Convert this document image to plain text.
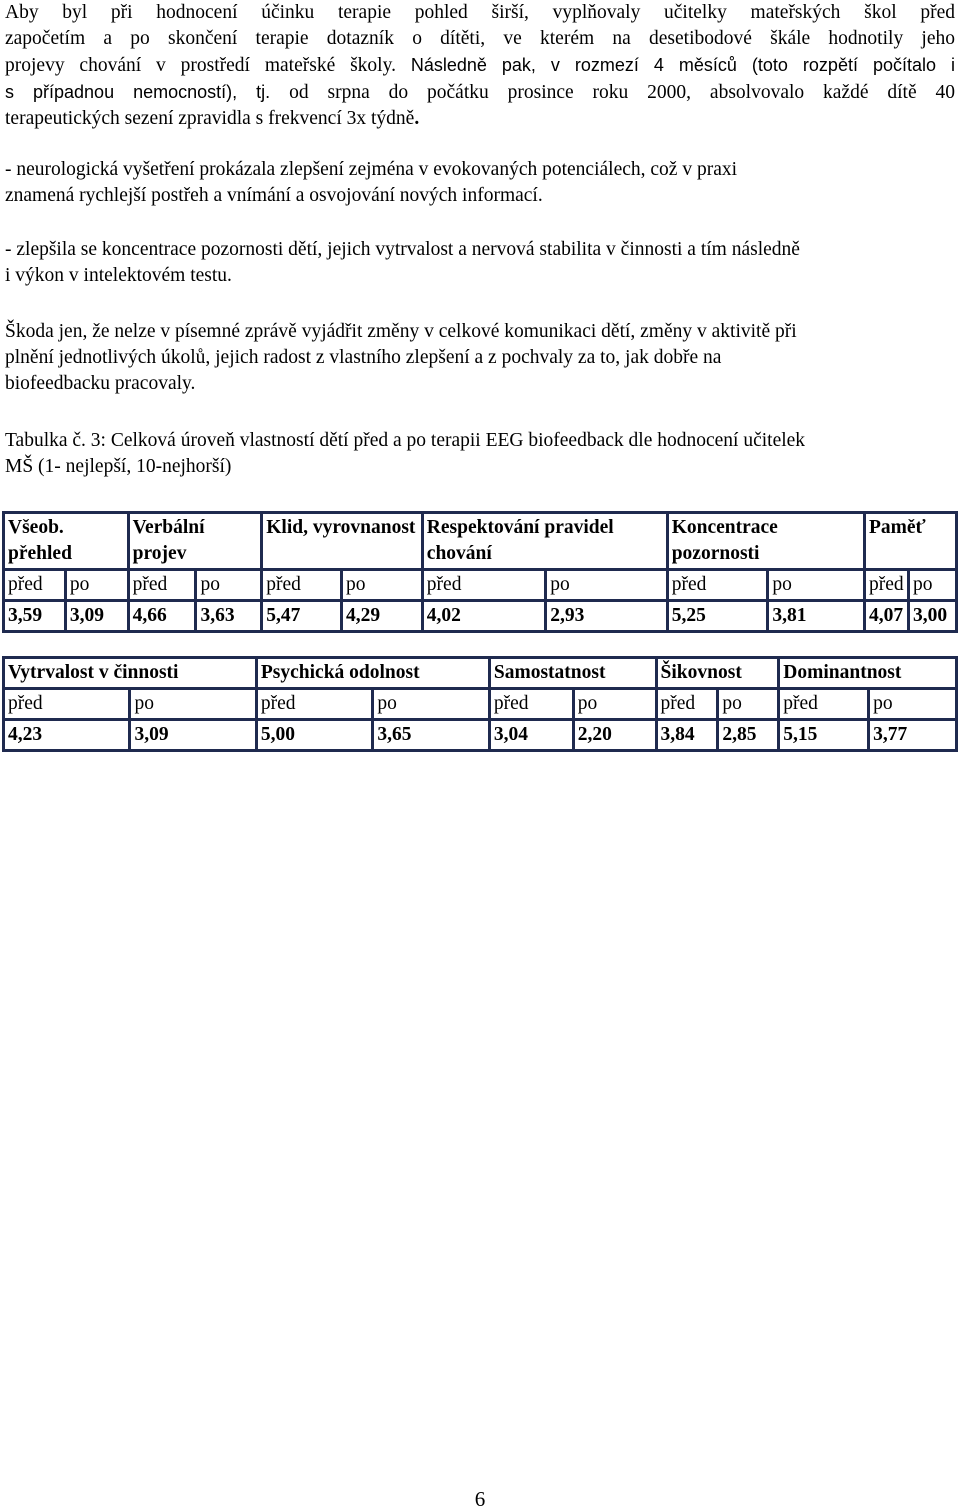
Aby byl při hodnocení účinku terapie pohled širší, vyplňovaly učitelky mateřských škol před
započetím a po skončení terapie dotazník o dítěti, ve kterém na desetibodové škále hodnotily jeho
projevy chování v prostředí mateřské školy. Následně pak, v rozmezí 4 měsíců (toto rozpětí počítalo i
s případnou nemocností), tj. od srpna do počátku prosince roku 2000, absolvovalo každé dítě 40
terapeutických sezení zpravidla s frekvencí 3x týdně.
- neurologická vyšetření prokázala zlepšení zejména v evokovaných potenciálech, což v praxi
znamená rychlejší postřeh a vnímání a osvojování nových informací.
- zlepšila se koncentrace pozornosti dětí, jejich vytrvalost a nervová stabilita v činnosti a tím následně
i výkon v intelektovém testu.
Škoda jen, že nelze v písemné zprávě vyjádřit změny v celkové komunikaci dětí, změny v aktivitě při
plnění jednotlivých úkolů, jejich radost z vlastního zlepšení a z pochvaly za to, jak dobře na
biofeedbacku pracovaly.
Tabulka č. 3: Celková úroveň vlastností dětí před a po terapii EEG biofeedback dle hodnocení učitelek
MŠ (1- nejlepší, 10-nejhorší)
Všeob. přehled		Verbální projev		Klid, vyrovnanost		Respektování pravidel chování		Koncentrace pozornosti		Paměť	
před	po	před	po	před	po	před	po	před	po	před	po
3,59	3,09	4,66	3,63	5,47	4,29	4,02	2,93	5,25	3,81	4,07	3,00
Vytrvalost v činnosti		Psychická odolnost		Samostatnost		Šikovnost		Dominantnost	
před	po	před	po	před	po	před	po	před	po
4,23	3,09	5,00	3,65	3,04	2,20	3,84	2,85	5,15	3,77
6
